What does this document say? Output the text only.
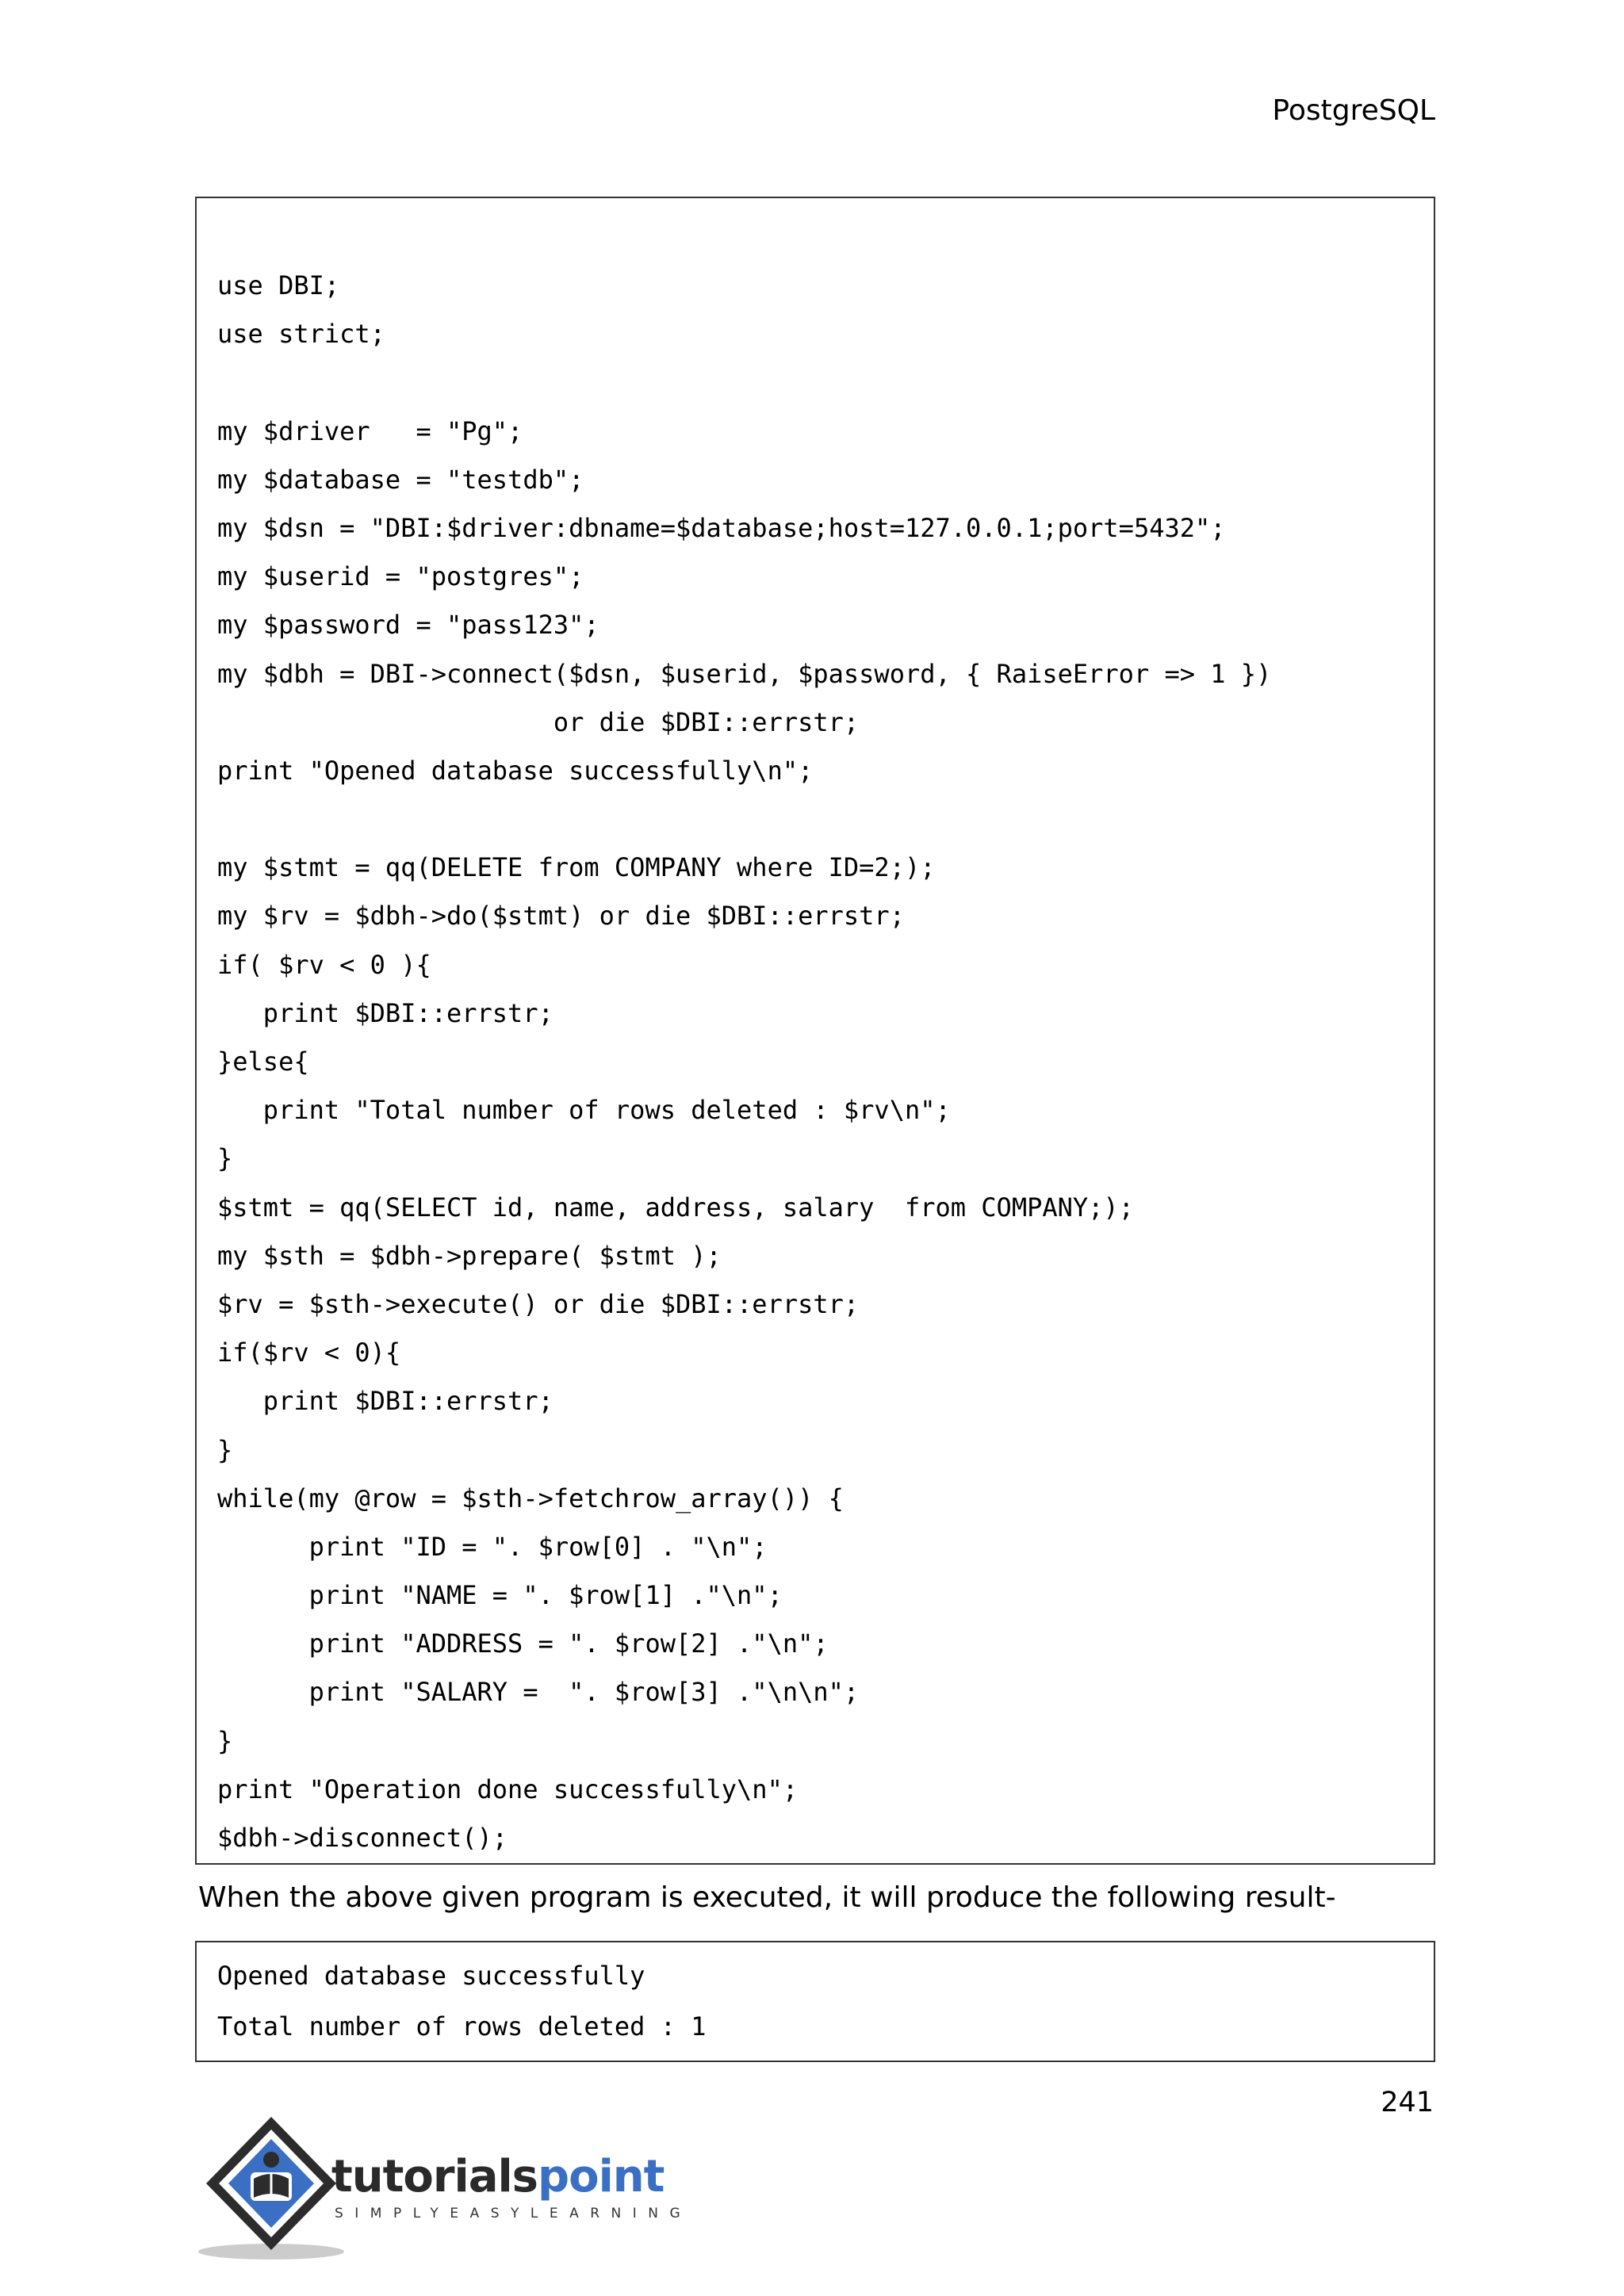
PostgreSQL
use DBI;
use strict;
my $driver   = "Pg";
my $database = "testdb";
my $dsn = "DBI:$driver:dbname=$database;host=127.0.0.1;port=5432";
my $userid = "postgres";
my $password = "pass123";
my $dbh = DBI->connect($dsn, $userid, $password, { RaiseError => 1 })
or die $DBI::errstr;
print "Opened database successfully\n";
my $stmt = qq(DELETE from COMPANY where ID=2;);
my $rv = $dbh->do($stmt) or die $DBI::errstr;
if( $rv < 0 ){
print $DBI::errstr;
}else{
print "Total number of rows deleted : $rv\n";
}
$stmt = qq(SELECT id, name, address, salary  from COMPANY;);
my $sth = $dbh->prepare( $stmt );
$rv = $sth->execute() or die $DBI::errstr;
if($rv < 0){
print $DBI::errstr;
}
while(my @row = $sth->fetchrow_array()) {
print "ID = ". $row[0] . "\n";
print "NAME = ". $row[1] ."\n";
print "ADDRESS = ". $row[2] ."\n";
print "SALARY =  ". $row[3] ."\n\n";
}
print "Operation done successfully\n";
$dbh->disconnect();
When the above given program is executed, it will produce the following result-
Opened database successfully
Total number of rows deleted : 1
241
tutorialspoint
SIMPLYEASYLEARNING
